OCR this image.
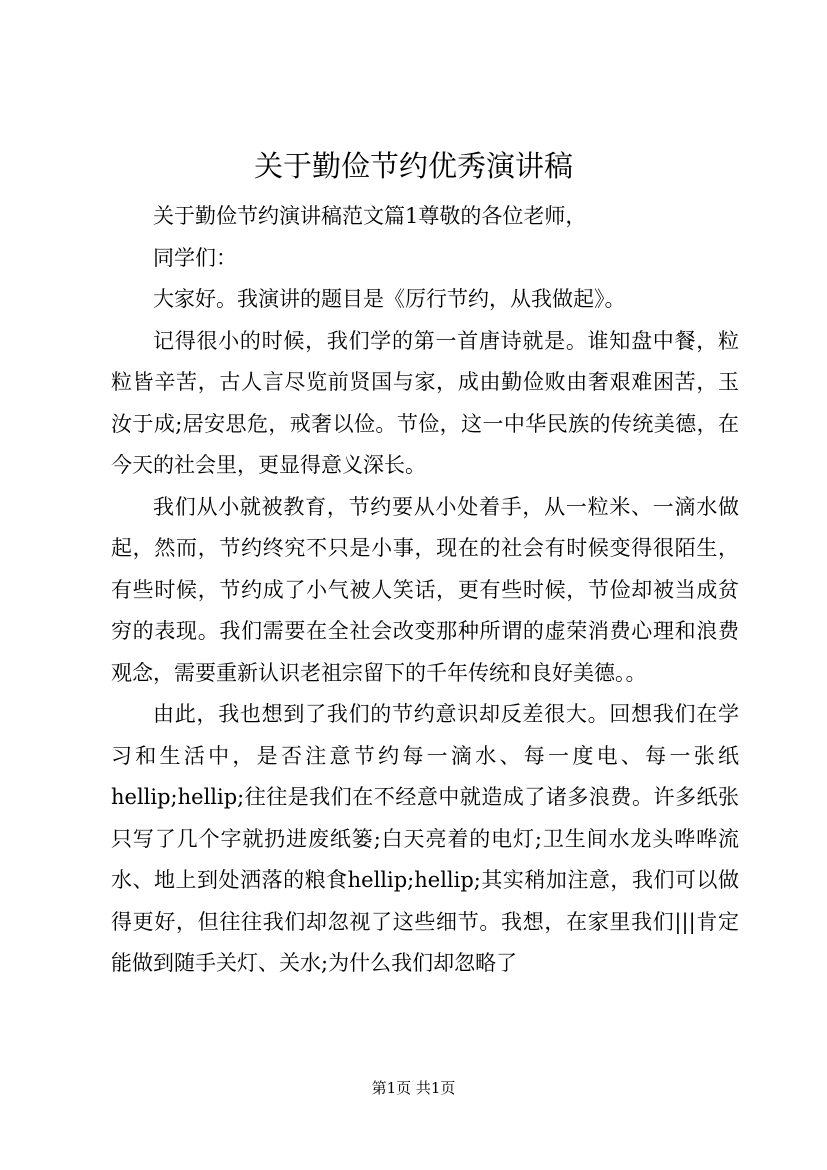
关于勤俭节约优秀演讲稿

关于勤俭节约演讲稿范文篇1尊敬的各位老师，

同学们：

大家好。我演讲的题目是《厉行节约，从我做起》。

记得很小的时候，我们学的第一首唐诗就是。谁知盘中餐，粒粒皆辛苦，古人言尽览前贤国与家，成由勤俭败由奢艰难困苦，玉汝于成;居安思危，戒奢以俭。节俭，这一中华民族的传统美德，在今天的社会里，更显得意义深长。

我们从小就被教育，节约要从小处着手，从一粒米、一滴水做起，然而，节约终究不只是小事，现在的社会有时候变得很陌生，有些时候，节约成了小气被人笑话，更有些时候，节俭却被当成贫穷的表现。我们需要在全社会改变那种所谓的虚荣消费心理和浪费观念，需要重新认识老祖宗留下的千年传统和良好美德。。

由此，我也想到了我们的节约意识却反差很大。回想我们在学习和生活中，是否注意节约每一滴水、每一度电、每一张纸hellip;hellip;往往是我们在不经意中就造成了诸多浪费。许多纸张只写了几个字就扔进废纸篓;白天亮着的电灯;卫生间水龙头哗哗流水、地上到处洒落的粮食hellip;hellip;其实稍加注意，我们可以做得更好，但往往我们却忽视了这些细节。我想，在家里我们|||肯定能做到随手关灯、关水;为什么我们却忽略了

第1页 共1页
